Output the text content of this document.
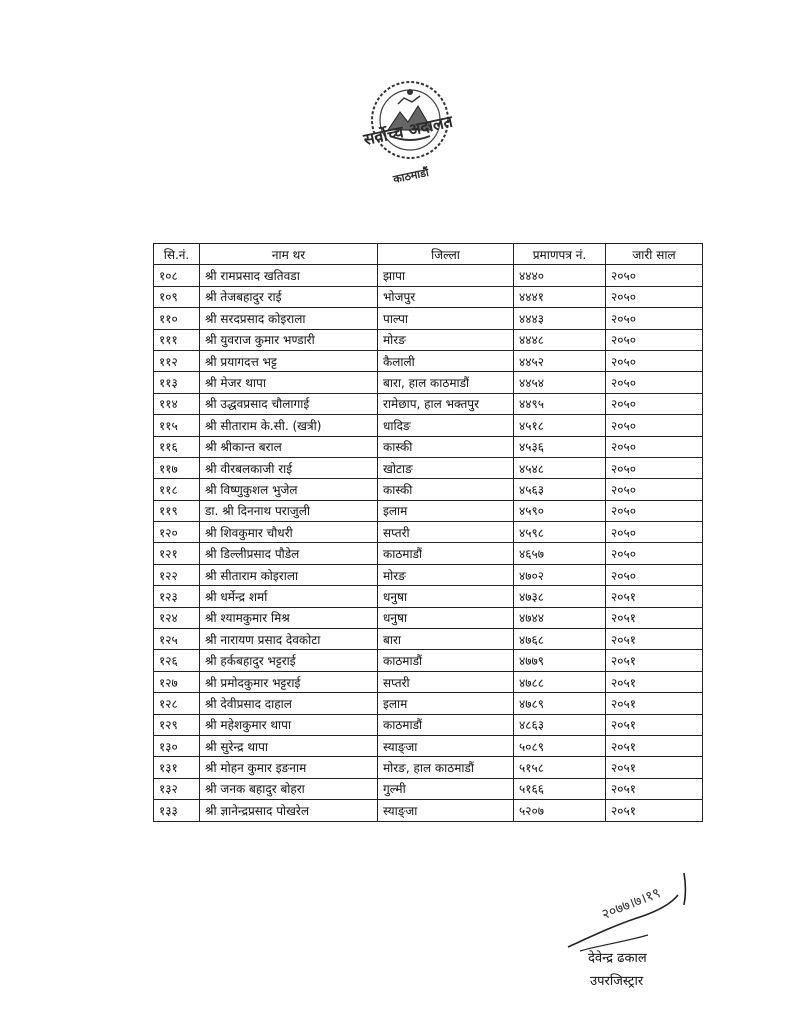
सर्वोच्च अदालत
काठमाडौं
सि.नं.	नाम थर	जिल्ला	प्रमाणपत्र नं.	जारी साल
१०८	श्री रामप्रसाद खतिवडा	झापा	४४४०	२०५०
१०९	श्री तेजबहादुर राई	भोजपुर	४४४१	२०५०
११०	श्री सरदप्रसाद कोइराला	पाल्पा	४४४३	२०५०
१११	श्री युवराज कुमार भण्डारी	मोरङ	४४४८	२०५०
११२	श्री प्रयागदत्त भट्ट	कैलाली	४४५२	२०५०
११३	श्री मेजर थापा	बारा, हाल काठमाडौं	४४५४	२०५०
११४	श्री उद्धवप्रसाद चौलागाई	रामेछाप, हाल भक्तपुर	४४९५	२०५०
११५	श्री सीताराम के.सी. (खत्री)	धादिङ	४५१८	२०५०
११६	श्री श्रीकान्त बराल	कास्की	४५३६	२०५०
११७	श्री वीरबलकाजी राई	खोटाङ	४५४८	२०५०
११८	श्री विष्णुकुशल भुजेल	कास्की	४५६३	२०५०
११९	डा. श्री दिननाथ पराजुली	इलाम	४५९०	२०५०
१२०	श्री शिवकुमार चौधरी	सप्तरी	४५९८	२०५०
१२१	श्री डिल्लीप्रसाद पौडेल	काठमाडौं	४६५७	२०५०
१२२	श्री सीताराम कोइराला	मोरङ	४७०२	२०५०
१२३	श्री धर्मेन्द्र शर्मा	धनुषा	४७३८	२०५१
१२४	श्री श्यामकुमार मिश्र	धनुषा	४७४४	२०५१
१२५	श्री नारायण प्रसाद देवकोटा	बारा	४७६८	२०५१
१२६	श्री हर्कबहादुर भट्टराई	काठमाडौं	४७७९	२०५१
१२७	श्री प्रमोदकुमार भट्टराई	सप्तरी	४७८८	२०५१
१२८	श्री देवीप्रसाद दाहाल	इलाम	४७८९	२०५१
१२९	श्री महेशकुमार थापा	काठमाडौं	४८६३	२०५१
१३०	श्री सुरेन्द्र थापा	स्याङ्जा	५०८९	२०५१
१३१	श्री मोहन कुमार इङनाम	मोरङ, हाल काठमाडौं	५१५८	२०५१
१३२	श्री जनक बहादुर बोहरा	गुल्मी	५१६६	२०५१
१३३	श्री ज्ञानेन्द्रप्रसाद पोखरेल	स्याङ्जा	५२०७	२०५१
२०७७।७।१९
देवेन्द्र ढकाल
उपरजिस्ट्रार
